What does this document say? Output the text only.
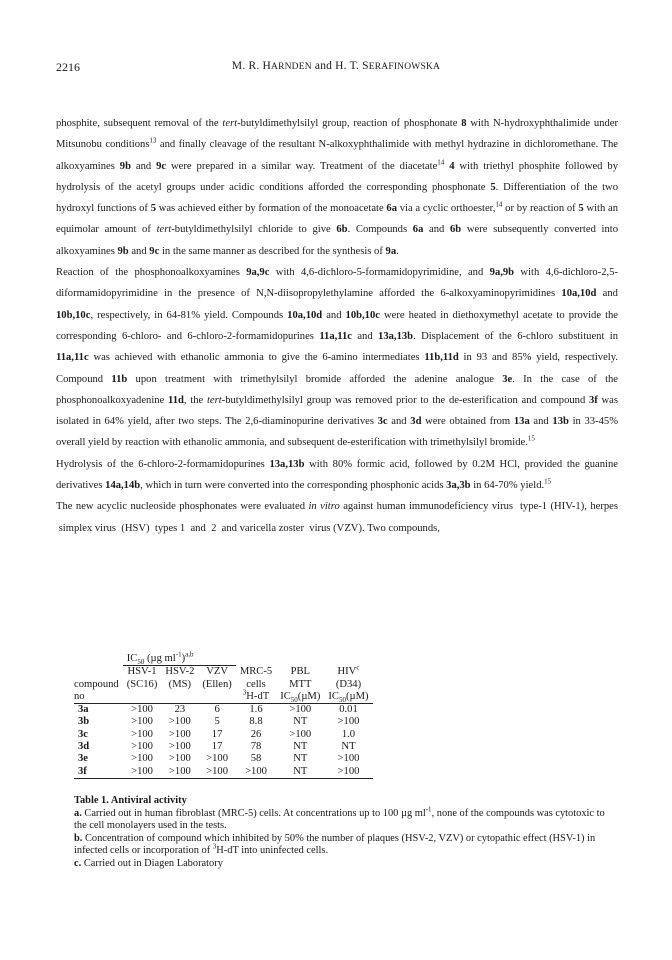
2216	M. R. HARNDEN and H. T. SERAFINOWSKA

phosphite, subsequent removal of the tert-butyldimethylsilyl group, reaction of phosphonate 8 with N-hydroxyphthalimide under Mitsunobu conditions$^{13}$ and finally cleavage of the resultant N-alkoxyphthalimide with methyl hydrazine in dichloromethane. The alkoxyamines 9b and 9c were prepared in a similar way. Treatment of the diacetate$^{14}$ 4 with triethyl phosphite followed by hydrolysis of the acetyl groups under acidic conditions afforded the corresponding phosphonate 5. Differentiation of the two hydroxyl functions of 5 was achieved either by formation of the monoacetate 6a via a cyclic orthoester,$^{14}$ or by reaction of 5 with an equimolar amount of tert-butyldimethylsilyl chloride to give 6b. Compounds 6a and 6b were subsequently converted into alkoxyamines 9b and 9c in the same manner as described for the synthesis of 9a.

Reaction of the phosphonoalkoxyamines 9a,9c with 4,6-dichloro-5-formamidopyrimidine, and 9a,9b with 4,6-dichloro-2,5-diformamidopyrimidine in the presence of N,N-diisopropylethylamine afforded the 6-alkoxyaminopyrimidines 10a,10d and 10b,10c, respectively, in 64-81% yield. Compounds 10a,10d and 10b,10c were heated in diethoxymethyl acetate to provide the corresponding 6-chloro- and 6-chloro-2-formamidopurines 11a,11c and 13a,13b. Displacement of the 6-chloro substituent in 11a,11c was achieved with ethanolic ammonia to give the 6-amino intermediates 11b,11d in 93 and 85% yield, respectively. Compound 11b upon treatment with trimethylsilyl bromide afforded the adenine analogue 3e. In the case of the phosphonoalkoxyadenine 11d, the tert-butyldimethylsilyl group was removed prior to the de-esterification and compound 3f was isolated in 64% yield, after two steps. The 2,6-diaminopurine derivatives 3c and 3d were obtained from 13a and 13b in 33-45% overall yield by reaction with ethanolic ammonia, and subsequent de-esterification with trimethylsilyl bromide.$^{15}$

Hydrolysis of the 6-chloro-2-formamidopurines 13a,13b with 80% formic acid, followed by 0.2M HCl, provided the guanine derivatives 14a,14b, which in turn were converted into the corresponding phosphonic acids 3a,3b in 64-70% yield.$^{15}$

The new acyclic nucleoside phosphonates were evaluated in vitro against human immunodeficiency virus  type-1 (HIV-1), herpes  simplex virus  (HSV)  types 1  and  2  and varicella zoster  virus (VZV). Two compounds,

	$IC_{50}$ (µg $ml^{-1})^{a,b}$			
	HSV-1	HSV-2	VZV	MRC-5	PBL	HIV$^c$
compound	(SC16)	(MS)	(Ellen)	cells	MTT	(D34)
no				$^3$H-dT	$IC_{50}(\mu M)$	$IC_{50}(\mu M)$
3a	>100	23	6	1.6	>100	0.01
3b	>100	>100	5	8.8	NT	>100
3c	>100	>100	17	26	>100	1.0
3d	>100	>100	17	78	NT	NT
3e	>100	>100	>100	58	NT	>100
3f	>100	>100	>100	>100	NT	>100

Table 1. Antiviral activity

a. Carried out in human fibroblast (MRC-5) cells. At concentrations up to 100 µg $ml^{-1}$, none of the compounds was cytotoxic to the cell monolayers used in the tests.

b. Concentration of compound which inhibited by 50% the number of plaques (HSV-2, VZV) or cytopathic effect (HSV-1) in infected cells or incorporation of $^3$H-dT into uninfected cells.

c. Carried out in Diagen Laboratory
